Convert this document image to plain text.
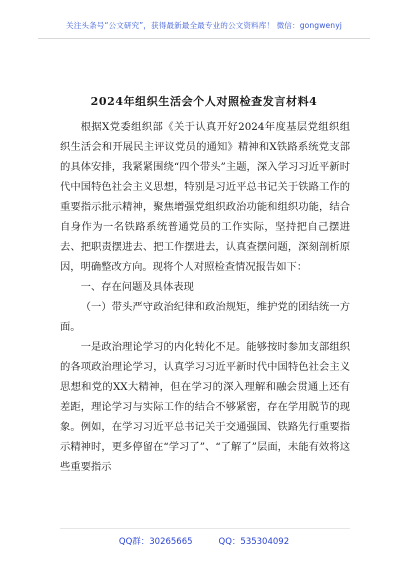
关注头条号“公文研究”，获得最新最全最专业的公文资料库！ 微信：gongwenyj
2024年组织生活会个人对照检查发言材料4

根据X党委组织部《关于认真开好2024年度基层党组织组织生活会和开展民主评议党员的通知》精神和X铁路系统党支部的具体安排，我紧紧围绕“四个带头”主题，深入学习习近平新时代中国特色社会主义思想，特别是习近平总书记关于铁路工作的重要指示批示精神，聚焦增强党组织政治功能和组织功能，结合自身作为一名铁路系统普通党员的工作实际，坚持把自己摆进去、把职责摆进去、把工作摆进去，认真查摆问题，深刻剖析原因，明确整改方向。现将个人对照检查情况报告如下：

一、存在问题及具体表现

（一）带头严守政治纪律和政治规矩，维护党的团结统一方面。

一是政治理论学习的内化转化不足。能够按时参加支部组织的各项政治理论学习，认真学习习近平新时代中国特色社会主义思想和党的XX大精神，但在学习的深入理解和融会贯通上还有差距，理论学习与实际工作的结合不够紧密，存在学用脱节的现象。例如，在学习习近平总书记关于交通强国、铁路先行重要指示精神时，更多停留在“学习了”、“了解了”层面，未能有效将这些重要指示

QQ群：30265665	QQ：535304092
